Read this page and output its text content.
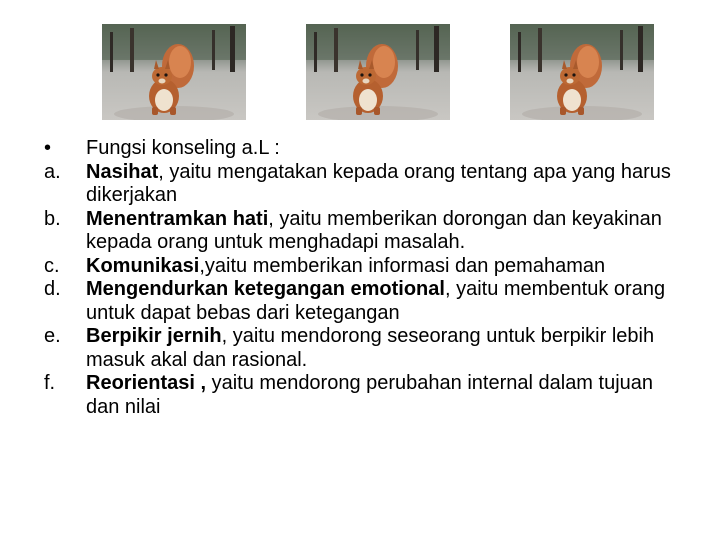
•	Fungsi konseling a.L :
a.	Nasihat, yaitu mengatakan kepada orang tentang apa yang harus dikerjakan
b.	Menentramkan hati, yaitu memberikan dorongan dan keyakinan kepada orang untuk menghadapi masalah.
c.	Komunikasi,yaitu memberikan informasi dan pemahaman
d.	Mengendurkan ketegangan emotional, yaitu membentuk orang untuk dapat bebas dari ketegangan
e.	Berpikir jernih, yaitu mendorong seseorang untuk berpikir lebih masuk akal dan rasional.
f.	Reorientasi , yaitu mendorong perubahan internal dalam tujuan dan nilai
